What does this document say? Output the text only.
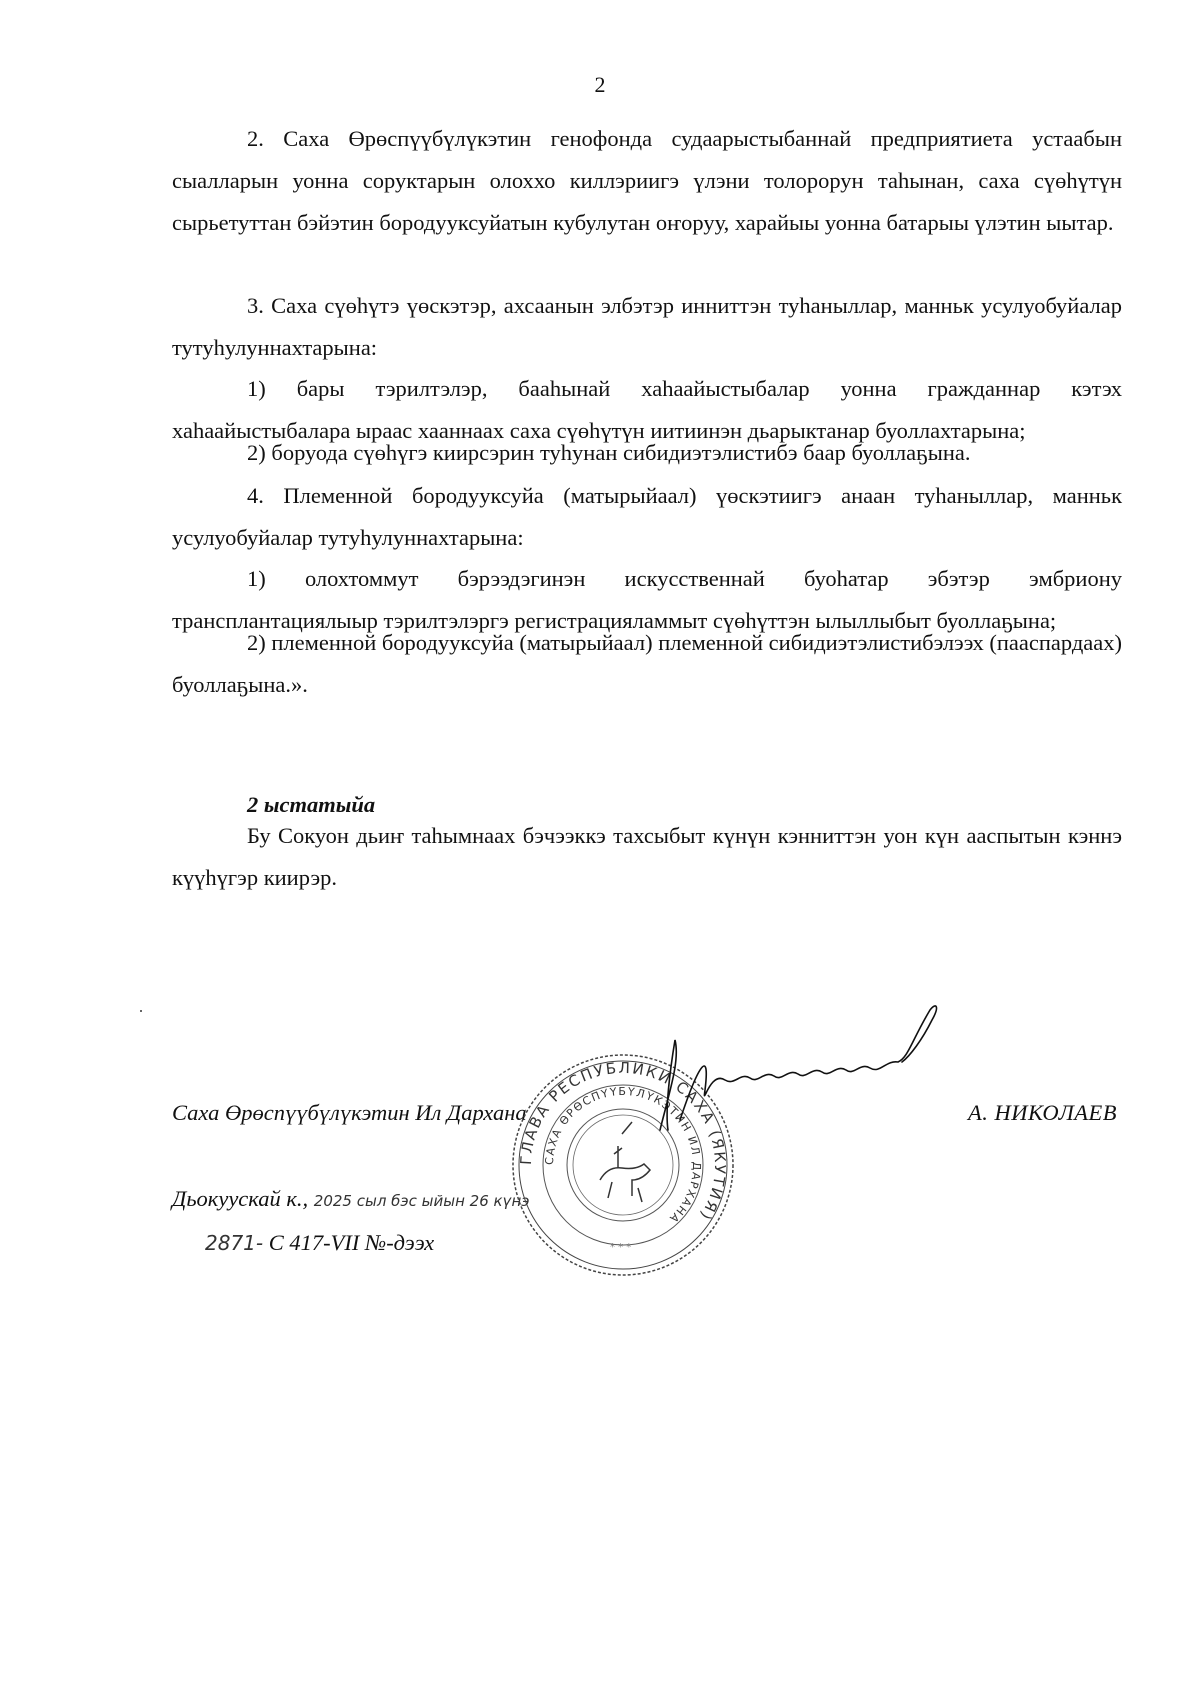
2

2. Саха Өрөспүүбүлүкэтин генофонда судаарыстыбаннай предприятиета устаабын сыалларын уонна соруктарын олоххо киллэриигэ үлэни толорорун таһынан, саха сүөһүтүн сырьетуттан бэйэтин бородууксуйатын кубулутан оҥоруу, харайыы уонна батарыы үлэтин ыытар.

3. Саха сүөһүтэ үөскэтэр, ахсаанын элбэтэр инниттэн туһаныллар, манньк усулуобуйалар тутуһулуннахтарына:

1) бары тэрилтэлэр, бааһынай хаһаайыстыбалар уонна гражданнар кэтэх хаһаайыстыбалара ыраас хааннаах саха сүөһүтүн иитиинэн дьарыктанар буоллахтарына;

2) боруода сүөһүгэ киирсэрин туһунан сибидиэтэлистибэ баар буоллаҕына.

4. Племенной бородууксуйа (матырыйаал) үөскэтиигэ анаан туһаныллар, манньк усулуобуйалар тутуһулуннахтарына:

1) олохтоммут бэрээдэгинэн искусственнай буоһатар эбэтэр эмбриону трансплантациялыыр тэрилтэлэргэ регистрацияламмыт сүөһүттэн ылыллыбыт буоллаҕына;

2) племенной бородууксуйа (матырыйаал) племенной сибидиэтэлистибэлээх (пааспардаах) буоллаҕына.».

2 ыстатыйа

Бу Сокуон дьиҥ таһымнаах бэчээккэ тахсыбыт күнүн кэнниттэн уон күн ааспытын кэннэ күүһүгэр киирэр.

Саха Өрөспүүбүлүкэтин Ил Дархана	А. НИКОЛАЕВ
Дьокуускай к., 2025 сыл бэс ыйын 26 күнэ
2871- С 417-VII №-дээх
ГЛАВА РЕСПУБЛИКИ САХА (ЯКУТИЯ)
САХА ӨРӨСПҮҮБҮЛҮКЭТИН ИЛ ДАРХАНА
* * *
